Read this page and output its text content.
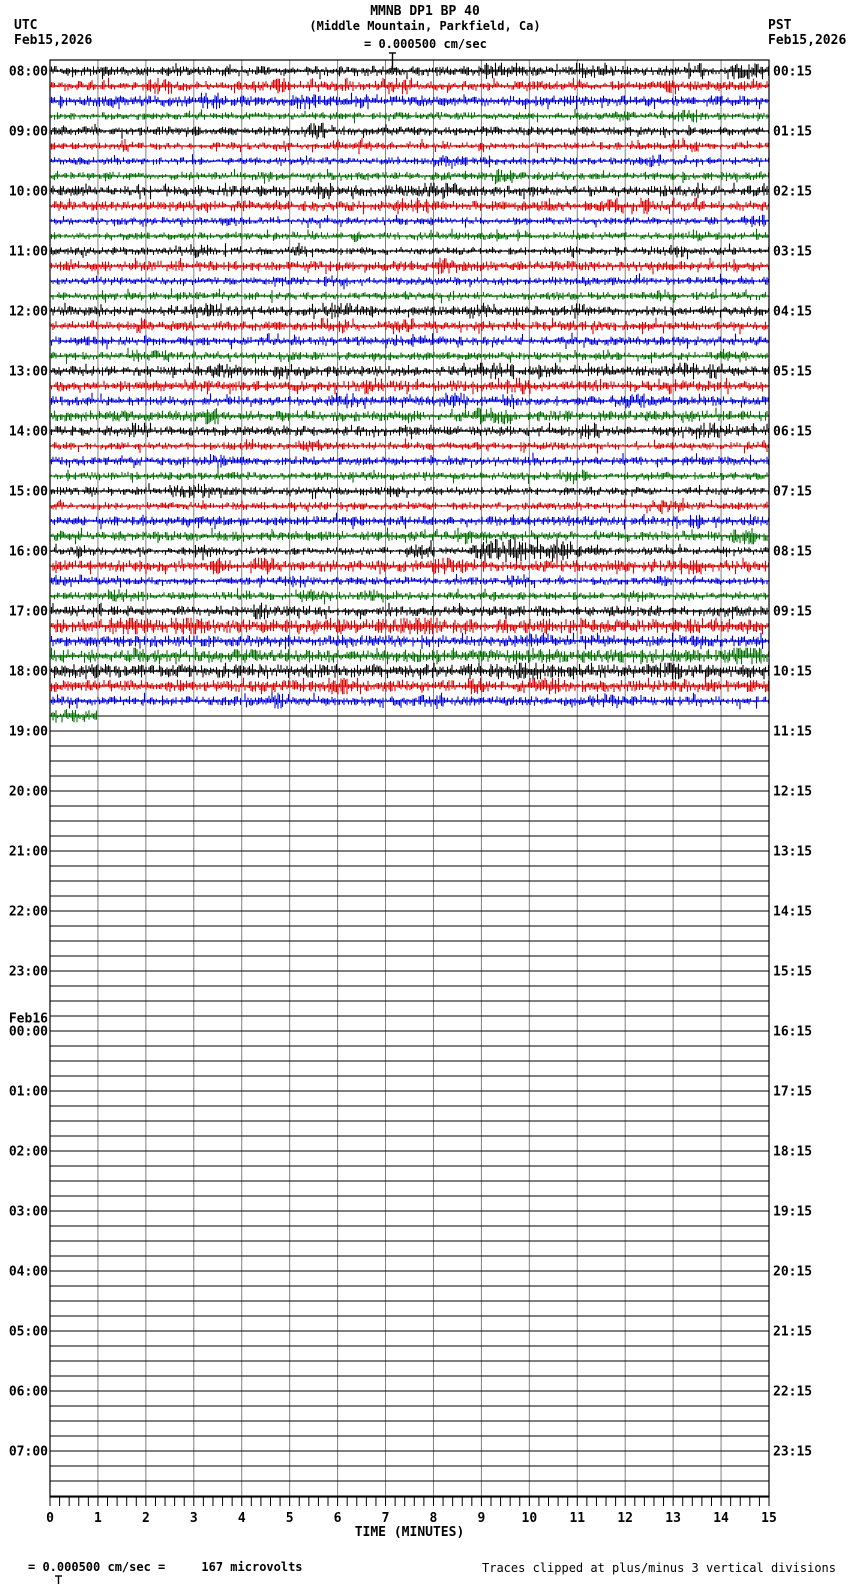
MMNB DP1 BP 40
(Middle Mountain, Parkfield, Ca)
UTC
Feb15,2026
PST
Feb15,2026

= 0.000500 cm/sec
08:00	00:15
09:00	01:15
10:00	02:15
11:00	03:15
12:00	04:15
13:00	05:15
14:00	06:15
15:00	07:15
16:00	08:15
17:00	09:15
18:00	10:15
19:00	11:15
20:00	12:15
21:00	13:15
22:00	14:15
23:00	15:15
Feb16
00:00	16:15
01:00	17:15
02:00	18:15
03:00	19:15
04:00	20:15
05:00	21:15
06:00	22:15
07:00	23:15
0	1	2	3	4	5	6	7	8	9	10 11 12 13 14 15
TIME (MINUTES)

= 0.000500 cm/sec =     167 microvolts	Traces clipped at plus/minus 3 vertical divisions
